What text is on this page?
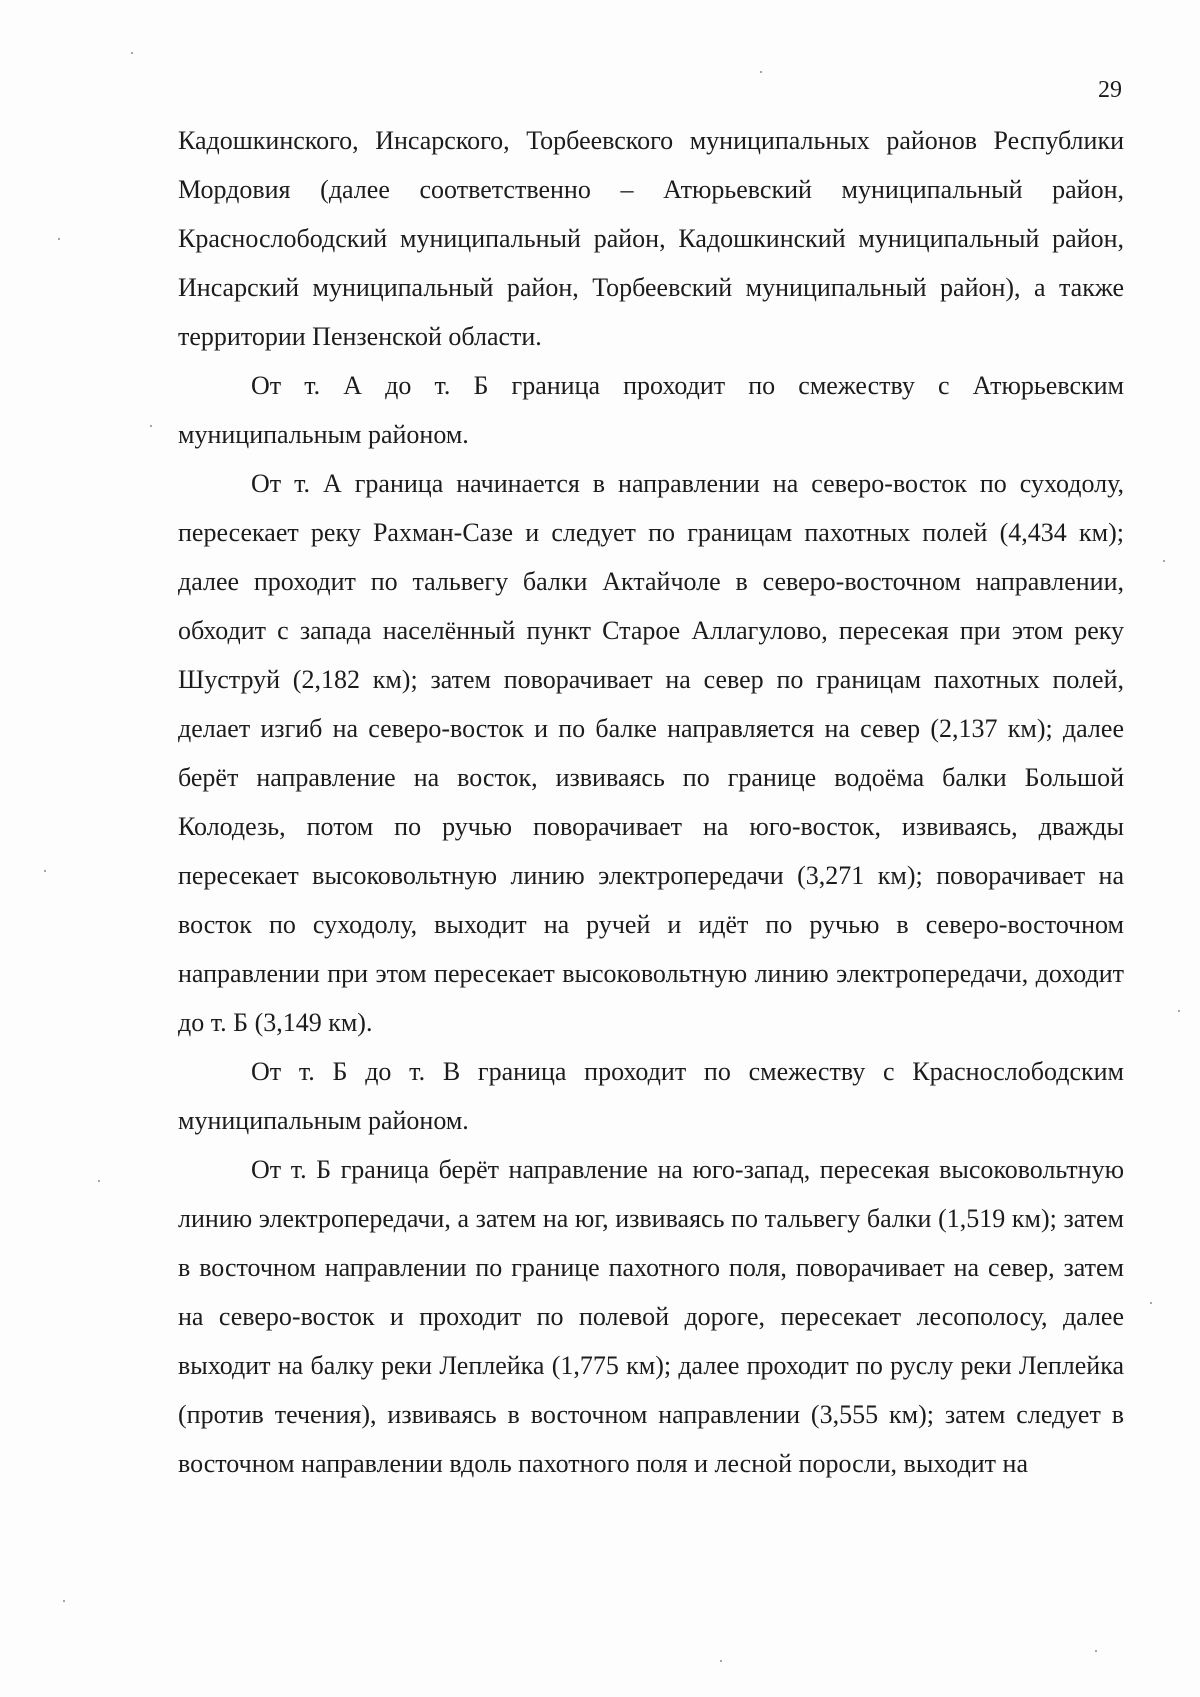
29

Кадошкинского, Инсарского, Торбеевского муниципальных районов Республики Мордовия (далее соответственно – Атюрьевский муниципальный район, Краснослободский муниципальный район, Кадошкинский муниципальный район, Инсарский муниципальный район, Торбеевский муниципальный район), а также территории Пензенской области.

От т. А до т. Б граница проходит по смежеству с Атюрьевским муниципальным районом.

От т. А граница начинается в направлении на северо-восток по суходолу, пересекает реку Рахман-Сазе и следует по границам пахотных полей (4,434 км); далее проходит по тальвегу балки Актайчоле в северо-восточном направлении, обходит с запада населённый пункт Старое Аллагулово, пересекая при этом реку Шуструй (2,182 км); затем поворачивает на север по границам пахотных полей, делает изгиб на северо-восток и по балке направляется на север (2,137 км); далее берёт направление на восток, извиваясь по границе водоёма балки Большой Колодезь, потом по ручью поворачивает на юго-восток, извиваясь, дважды пересекает высоковольтную линию электропередачи (3,271 км); поворачивает на восток по суходолу, выходит на ручей и идёт по ручью в северо-восточном направлении при этом пересекает высоковольтную линию электропередачи, доходит до т. Б (3,149 км).

От т. Б до т. В граница проходит по смежеству с Краснослободским муниципальным районом.

От т. Б граница берёт направление на юго-запад, пересекая высоковольтную линию электропередачи, а затем на юг, извиваясь по тальвегу балки (1,519 км); затем в восточном направлении по границе пахотного поля, поворачивает на север, затем на северо-восток и проходит по полевой дороге, пересекает лесополосу, далее выходит на балку реки Леплейка (1,775 км); далее проходит по руслу реки Леплейка (против течения), извиваясь в восточном направлении (3,555 км); затем следует в восточном направлении вдоль пахотного поля и лесной поросли, выходит на
